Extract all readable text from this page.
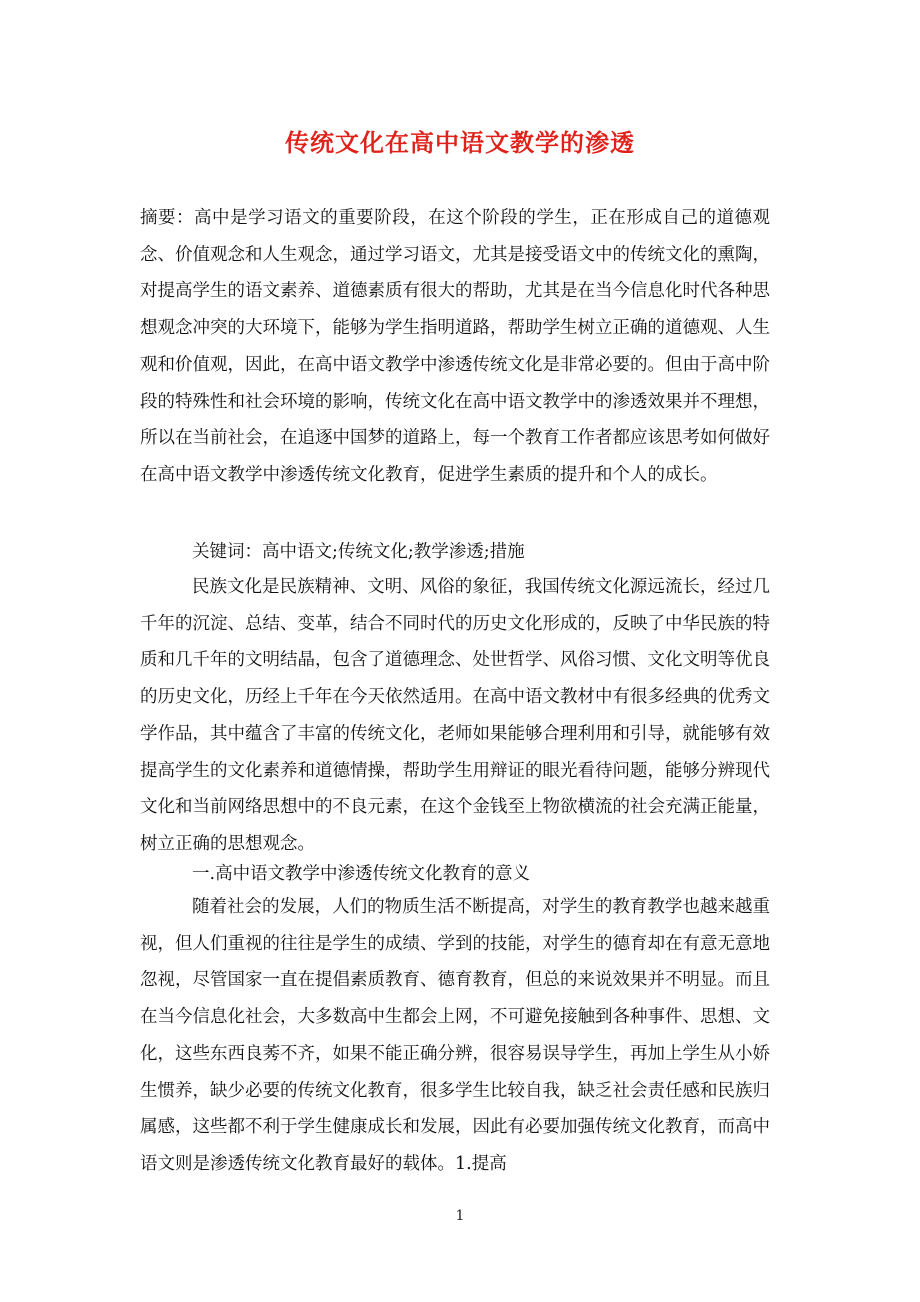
传统文化在高中语文教学的渗透
摘要：高中是学习语文的重要阶段，在这个阶段的学生，正在形成自己的道德观念、价值观念和人生观念，通过学习语文，尤其是接受语文中的传统文化的熏陶，对提高学生的语文素养、道德素质有很大的帮助，尤其是在当今信息化时代各种思想观念冲突的大环境下，能够为学生指明道路，帮助学生树立正确的道德观、人生观和价值观，因此，在高中语文教学中渗透传统文化是非常必要的。但由于高中阶段的特殊性和社会环境的影响，传统文化在高中语文教学中的渗透效果并不理想，所以在当前社会，在追逐中国梦的道路上，每一个教育工作者都应该思考如何做好在高中语文教学中渗透传统文化教育，促进学生素质的提升和个人的成长。
关键词：高中语文;传统文化;教学渗透;措施
民族文化是民族精神、文明、风俗的象征，我国传统文化源远流长，经过几千年的沉淀、总结、变革，结合不同时代的历史文化形成的，反映了中华民族的特质和几千年的文明结晶，包含了道德理念、处世哲学、风俗习惯、文化文明等优良的历史文化，历经上千年在今天依然适用。在高中语文教材中有很多经典的优秀文学作品，其中蕴含了丰富的传统文化，老师如果能够合理利用和引导，就能够有效提高学生的文化素养和道德情操，帮助学生用辩证的眼光看待问题，能够分辨现代文化和当前网络思想中的不良元素，在这个金钱至上物欲横流的社会充满正能量，树立正确的思想观念。
一.高中语文教学中渗透传统文化教育的意义
随着社会的发展，人们的物质生活不断提高，对学生的教育教学也越来越重视，但人们重视的往往是学生的成绩、学到的技能，对学生的德育却在有意无意地忽视，尽管国家一直在提倡素质教育、德育教育，但总的来说效果并不明显。而且在当今信息化社会，大多数高中生都会上网，不可避免接触到各种事件、思想、文化，这些东西良莠不齐，如果不能正确分辨，很容易误导学生，再加上学生从小娇生惯养，缺少必要的传统文化教育，很多学生比较自我，缺乏社会责任感和民族归属感，这些都不利于学生健康成长和发展，因此有必要加强传统文化教育，而高中语文则是渗透传统文化教育最好的载体。1.提高
1
